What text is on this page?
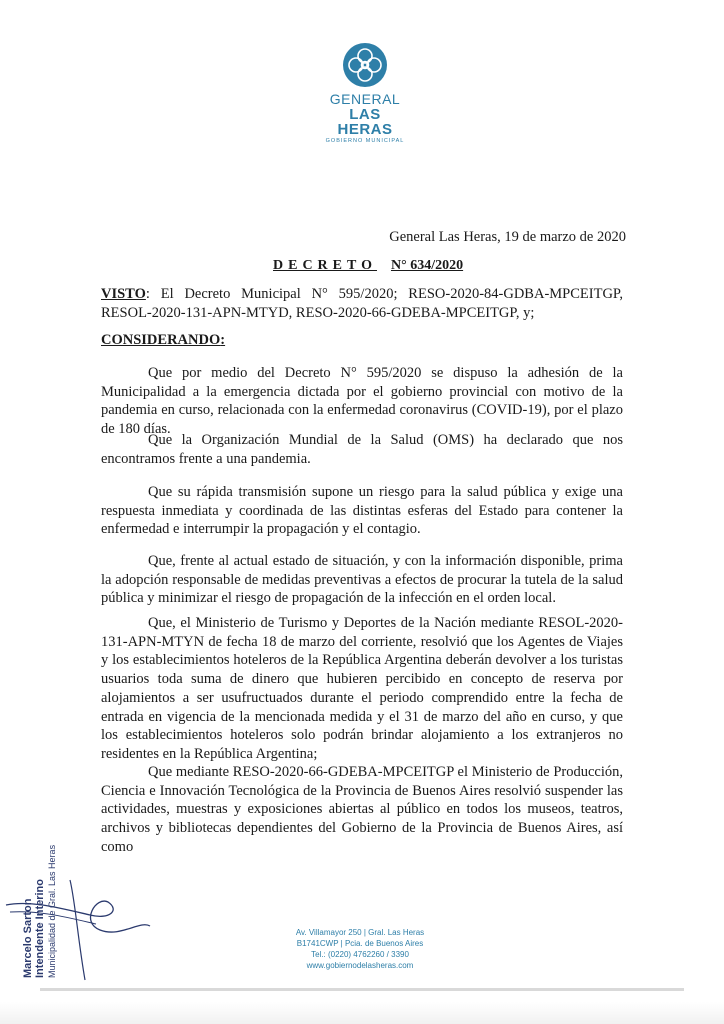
GENERAL
LAS HERAS
GOBIERNO MUNICIPAL
General Las Heras, 19 de marzo de 2020
DECRETO N° 634/2020
VISTO: El Decreto Municipal N° 595/2020; RESO-2020-84-GDBA-MPCEITGP, RESOL-2020-131-APN-MTYD, RESO-2020-66-GDEBA-MPCEITGP, y;
CONSIDERANDO:
Que por medio del Decreto N° 595/2020 se dispuso la adhesión de la Municipalidad a la emergencia dictada por el gobierno provincial con motivo de la pandemia en curso, relacionada con la enfermedad coronavirus (COVID-19), por el plazo de 180 días.
Que la Organización Mundial de la Salud (OMS) ha declarado que nos encontramos frente a una pandemia.
Que su rápida transmisión supone un riesgo para la salud pública y exige una respuesta inmediata y coordinada de las distintas esferas del Estado para contener la enfermedad e interrumpir la propagación y el contagio.
Que, frente al actual estado de situación, y con la información disponible, prima la adopción responsable de medidas preventivas a efectos de procurar la tutela de la salud pública y minimizar el riesgo de propagación de la infección en el orden local.
Que, el Ministerio de Turismo y Deportes de la Nación mediante RESOL-2020-131-APN-MTYN de fecha 18 de marzo del corriente, resolvió que los Agentes de Viajes y los establecimientos hoteleros de la República Argentina deberán devolver a los turistas usuarios toda suma de dinero que hubieren percibido en concepto de reserva por alojamientos a ser usufructuados durante el periodo comprendido entre la fecha de entrada en vigencia de la mencionada medida y el 31 de marzo del año en curso, y que los establecimientos hoteleros solo podrán brindar alojamiento a los extranjeros no residentes en la República Argentina;
Que mediante RESO-2020-66-GDEBA-MPCEITGP el Ministerio de Producción, Ciencia e Innovación Tecnológica de la Provincia de Buenos Aires resolvió suspender las actividades, muestras y exposiciones abiertas al público en todos los museos, teatros, archivos y bibliotecas dependientes del Gobierno de la Provincia de Buenos Aires, así como
Marcelo Sarton Intendente Interino Municipalidad de Gral. Las Heras	Av. Villamayor 250 | Gral. Las Heras
B1741CWP | Pcia. de Buenos Aires
Tel.: (0220) 4762260 / 3390
www.gobiernodelasheras.com
